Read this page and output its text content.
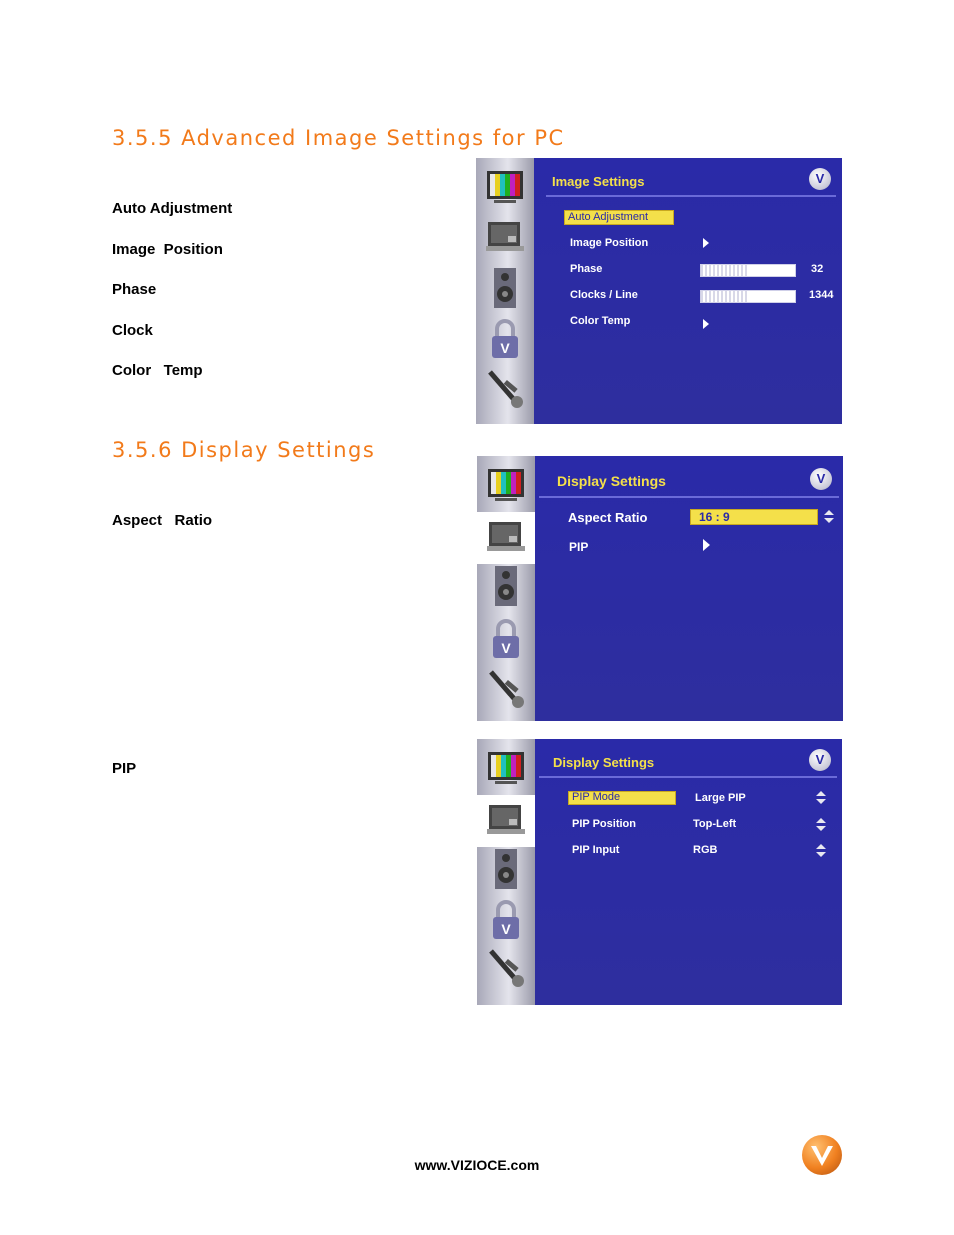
3.5.5 Advanced Image Settings for PC
Auto Adjustment
Image  Position
Phase
Clock
Color   Temp
V
Image Settings	V
Auto Adjustment
Image Position
Phase	32
Clocks / Line	1344
Color Temp
3.5.6 Display Settings
Aspect   Ratio
V
Display Settings	V
Aspect Ratio	16 : 9
PIP
PIP
V
Display Settings	V
PIP Mode	Large PIP
PIP Position	Top-Left
PIP Input	RGB
www.VIZIOCE.com
